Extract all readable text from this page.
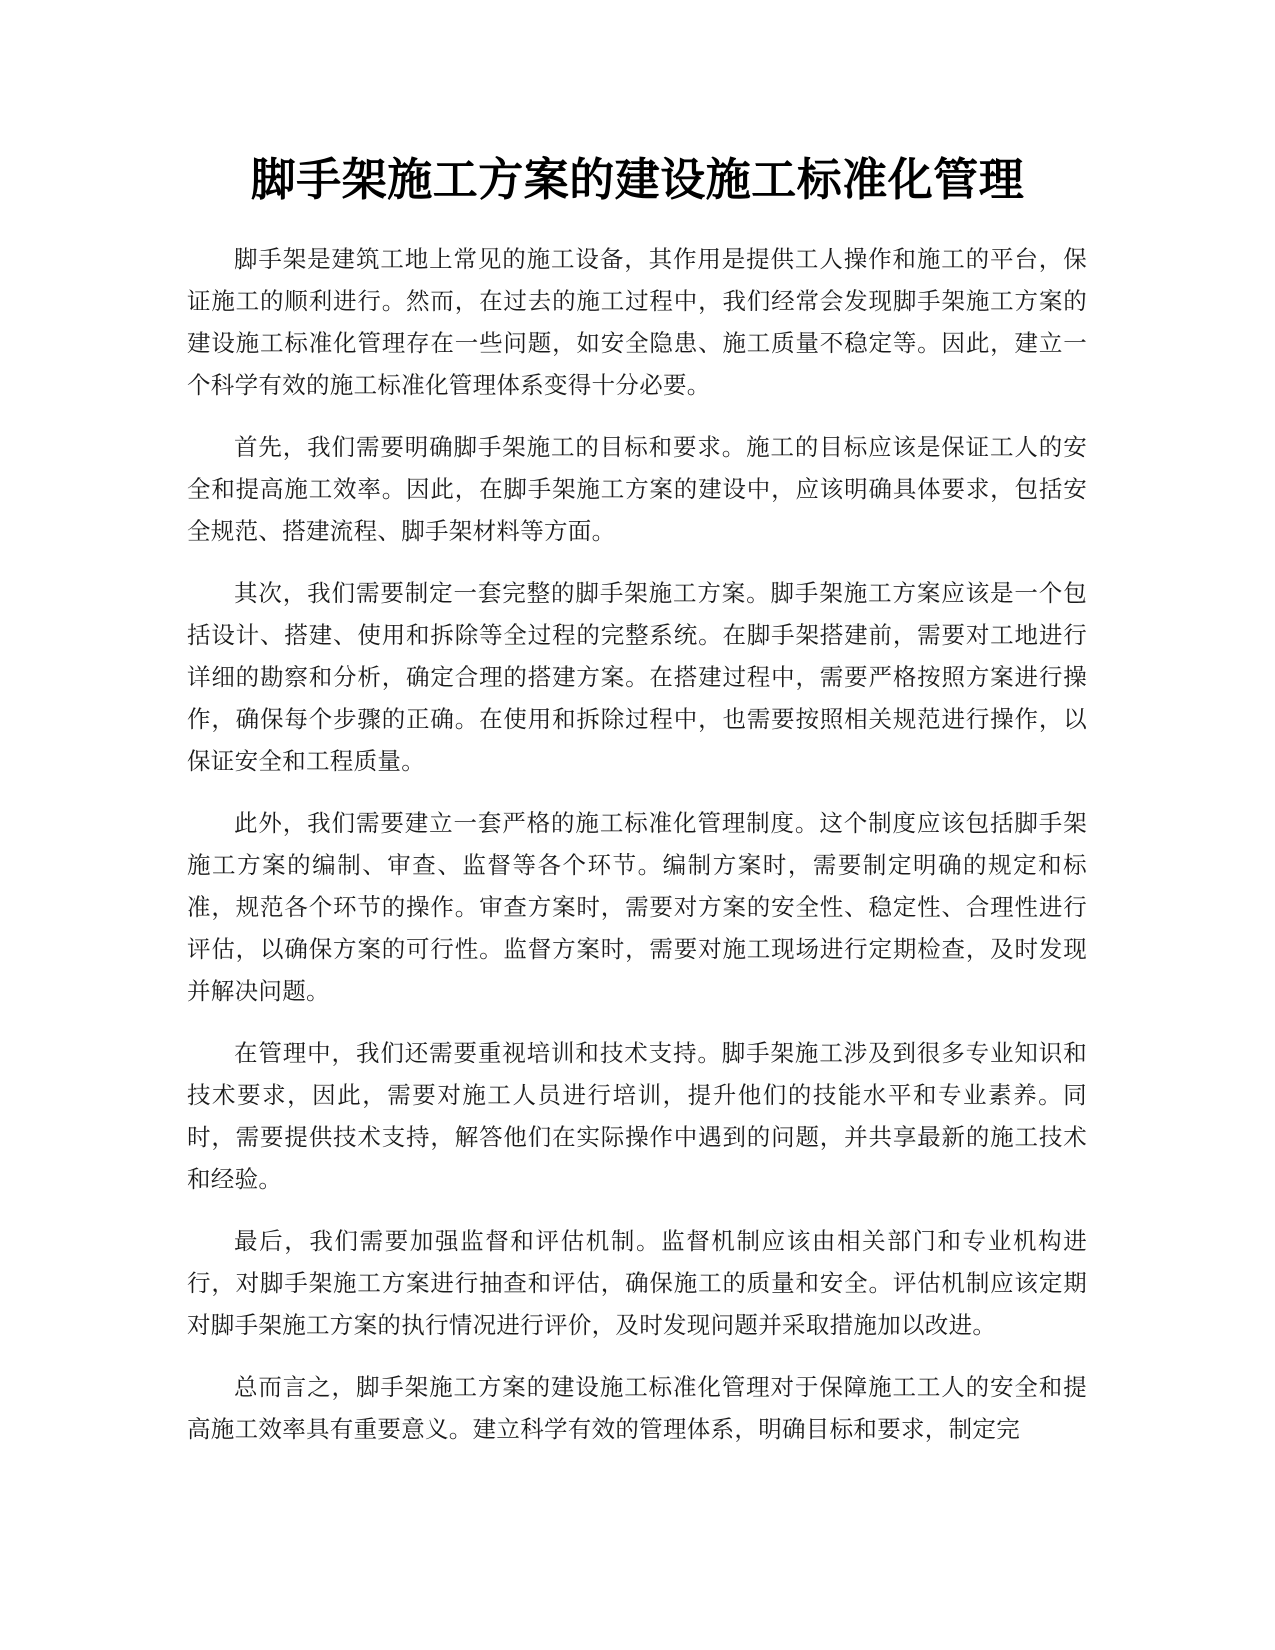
脚手架施工方案的建设施工标准化管理

脚手架是建筑工地上常见的施工设备，其作用是提供工人操作和施工的平台，保证施工的顺利进行。然而，在过去的施工过程中，我们经常会发现脚手架施工方案的建设施工标准化管理存在一些问题，如安全隐患、施工质量不稳定等。因此，建立一个科学有效的施工标准化管理体系变得十分必要。

首先，我们需要明确脚手架施工的目标和要求。施工的目标应该是保证工人的安全和提高施工效率。因此，在脚手架施工方案的建设中，应该明确具体要求，包括安全规范、搭建流程、脚手架材料等方面。

其次，我们需要制定一套完整的脚手架施工方案。脚手架施工方案应该是一个包括设计、搭建、使用和拆除等全过程的完整系统。在脚手架搭建前，需要对工地进行详细的勘察和分析，确定合理的搭建方案。在搭建过程中，需要严格按照方案进行操作，确保每个步骤的正确。在使用和拆除过程中，也需要按照相关规范进行操作，以保证安全和工程质量。

此外，我们需要建立一套严格的施工标准化管理制度。这个制度应该包括脚手架施工方案的编制、审查、监督等各个环节。编制方案时，需要制定明确的规定和标准，规范各个环节的操作。审查方案时，需要对方案的安全性、稳定性、合理性进行评估，以确保方案的可行性。监督方案时，需要对施工现场进行定期检查，及时发现并解决问题。

在管理中，我们还需要重视培训和技术支持。脚手架施工涉及到很多专业知识和技术要求，因此，需要对施工人员进行培训，提升他们的技能水平和专业素养。同时，需要提供技术支持，解答他们在实际操作中遇到的问题，并共享最新的施工技术和经验。

最后，我们需要加强监督和评估机制。监督机制应该由相关部门和专业机构进行，对脚手架施工方案进行抽查和评估，确保施工的质量和安全。评估机制应该定期对脚手架施工方案的执行情况进行评价，及时发现问题并采取措施加以改进。

总而言之，脚手架施工方案的建设施工标准化管理对于保障施工工人的安全和提高施工效率具有重要意义。建立科学有效的管理体系，明确目标和要求，制定完
